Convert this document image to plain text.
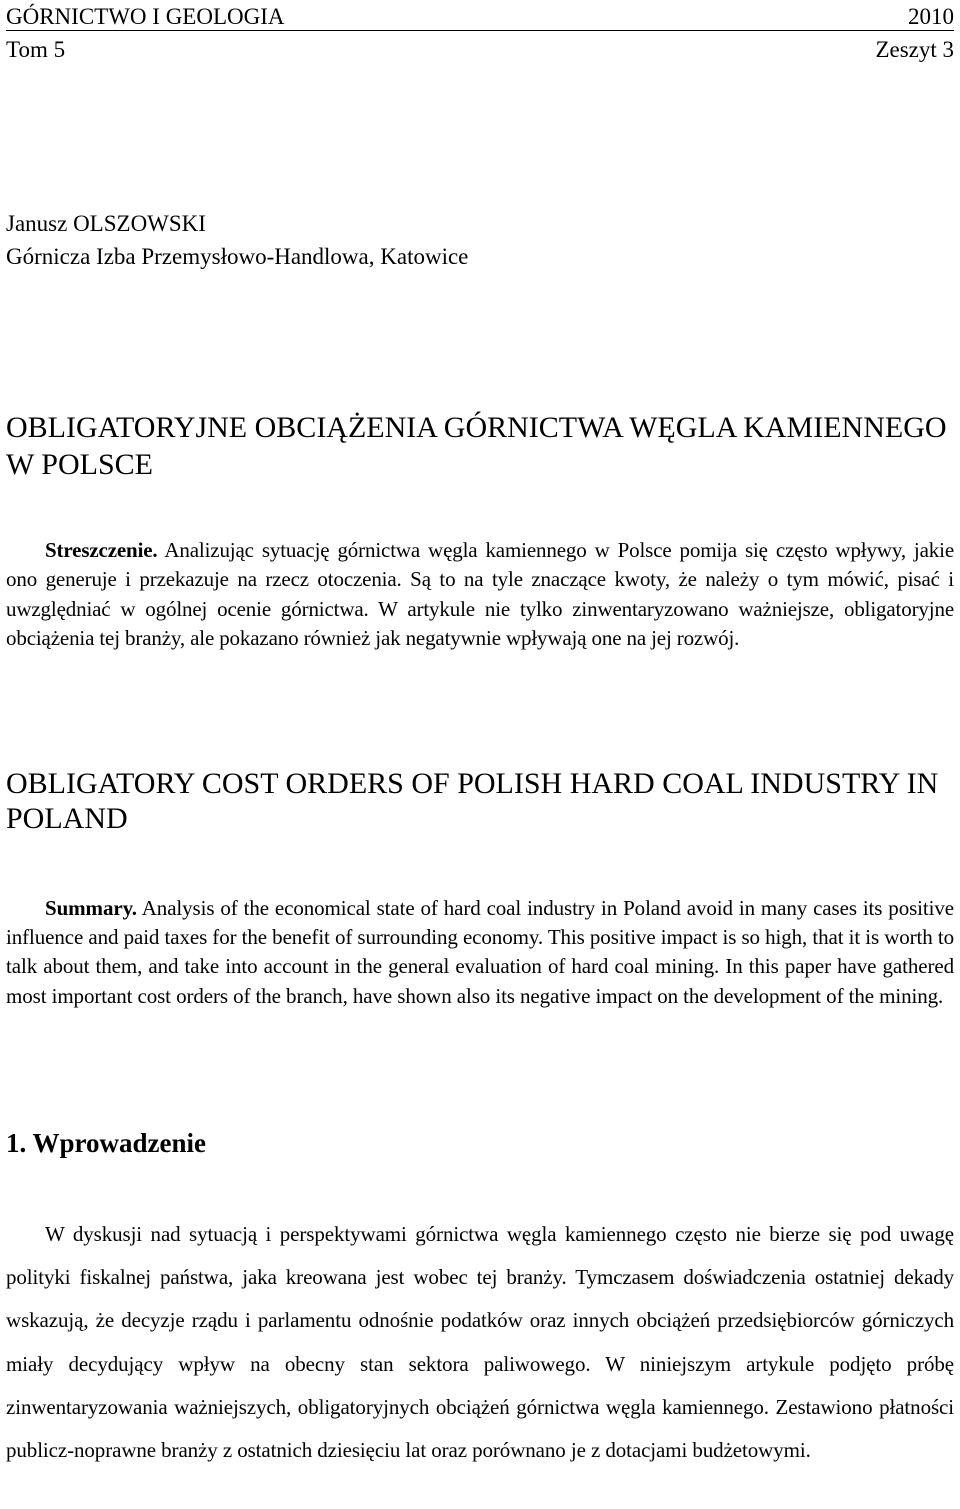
GÓRNICTWO I GEOLOGIA	2010
Tom 5	Zeszyt 3
Janusz OLSZOWSKI
Górnicza Izba Przemysłowo-Handlowa, Katowice
OBLIGATORYJNE OBCIĄŻENIA GÓRNICTWA WĘGLA KAMIENNEGO W POLSCE
Streszczenie. Analizując sytuację górnictwa węgla kamiennego w Polsce pomija się często wpływy, jakie ono generuje i przekazuje na rzecz otoczenia. Są to na tyle znaczące kwoty, że należy o tym mówić, pisać i uwzględniać w ogólnej ocenie górnictwa. W artykule nie tylko zinwentaryzowano ważniejsze, obligatoryjne obciążenia tej branży, ale pokazano również jak negatywnie wpływają one na jej rozwój.
OBLIGATORY COST ORDERS OF POLISH HARD COAL INDUSTRY IN POLAND
Summary. Analysis of the economical state of hard coal industry in Poland avoid in many cases its positive influence and paid taxes for the benefit of surrounding economy. This positive impact is so high, that it is worth to talk about them, and take into account in the general evaluation of hard coal mining. In this paper have gathered most important cost orders of the branch, have shown also its negative impact on the development of the mining.
1. Wprowadzenie
W dyskusji nad sytuacją i perspektywami górnictwa węgla kamiennego często nie bierze się pod uwagę polityki fiskalnej państwa, jaka kreowana jest wobec tej branży. Tymczasem doświadczenia ostatniej dekady wskazują, że decyzje rządu i parlamentu odnośnie podatków oraz innych obciążeń przedsiębiorców górniczych miały decydujący wpływ na obecny stan sektora paliwowego. W niniejszym artykule podjęto próbę zinwentaryzowania ważniejszych, obligatoryjnych obciążeń górnictwa węgla kamiennego. Zestawiono płatności publicz-noprawne branży z ostatnich dziesięciu lat oraz porównano je z dotacjami budżetowymi.
